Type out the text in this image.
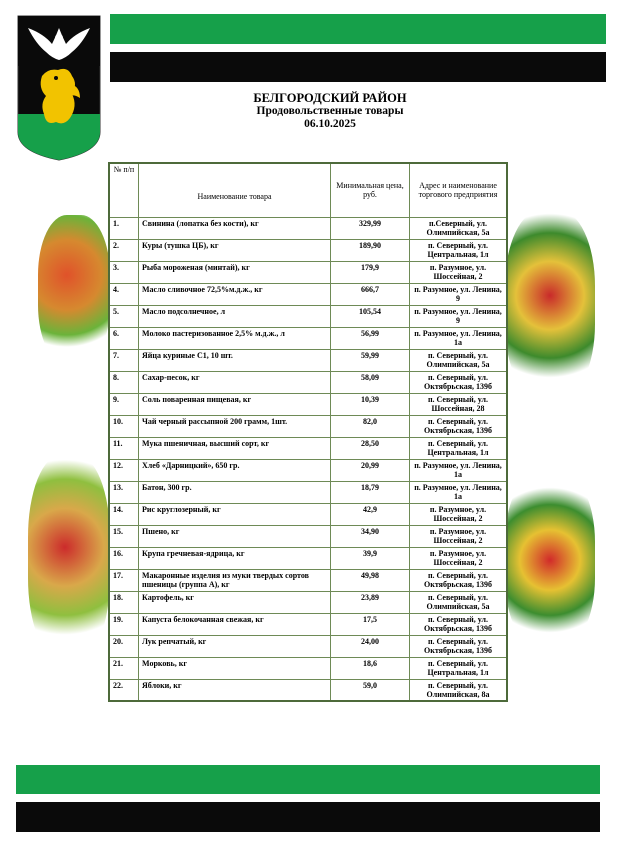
БЕЛГОРОДСКИЙ РАЙОН
Продовольственные товары
06.10.2025
№ п/п	Наименование товара	Минимальная цена, руб.	Адрес и наименование торгового предприятия
1.	Свинина (лопатка без кости), кг	329,99	п.Северный, ул. Олимпийская, 5а
2.	Куры (тушка ЦБ), кг	189,90	п. Северный, ул. Центральная, 1л
3.	Рыба мороженая (минтай), кг	179,9	п. Разумное, ул. Шоссейная, 2
4.	Масло сливочное 72,5%м.д.ж., кг	666,7	п. Разумное, ул. Ленина, 9
5.	Масло подсолнечное, л	105,54	п. Разумное, ул. Ленина, 9
6.	Молоко пастеризованное 2,5% м.д.ж., л	56,99	п. Разумное, ул. Ленина, 1а
7.	Яйца куриные С1, 10 шт.	59,99	п. Северный, ул. Олимпийская, 5а
8.	Сахар-песок, кг	58,09	п. Северный, ул. Октябрьская, 139б
9.	Соль поваренная пищевая, кг	10,39	п. Северный, ул. Шоссейная, 28
10.	Чай черный рассыпной 200 грамм, 1шт.	82,0	п. Северный, ул. Октябрьская, 139б
11.	Мука пшеничная, высший сорт, кг	28,50	п. Северный, ул. Центральная, 1л
12.	Хлеб «Дарницкий», 650 гр.	20,99	п. Разумное, ул. Ленина, 1а
13.	Батон, 300 гр.	18,79	п. Разумное, ул. Ленина, 1а
14.	Рис круглозерный, кг	42,9	п. Разумное, ул. Шоссейная, 2
15.	Пшено, кг	34,90	п. Разумное, ул. Шоссейная, 2
16.	Крупа гречневая-ядрица, кг	39,9	п. Разумное, ул. Шоссейная, 2
17.	Макаронные изделия из муки твердых сортов пшеницы (группа А), кг	49,98	п. Северный, ул. Октябрьская, 139б
18.	Картофель, кг	23,89	п. Северный, ул. Олимпийская, 5а
19.	Капуста белокочанная свежая, кг	17,5	п. Северный, ул. Октябрьская, 139б
20.	Лук репчатый, кг	24,00	п. Северный, ул. Октябрьская, 139б
21.	Морковь, кг	18,6	п. Северный, ул. Центральная, 1л
22.	Яблоки, кг	59,0	п. Северный, ул. Олимпийская, 8а
